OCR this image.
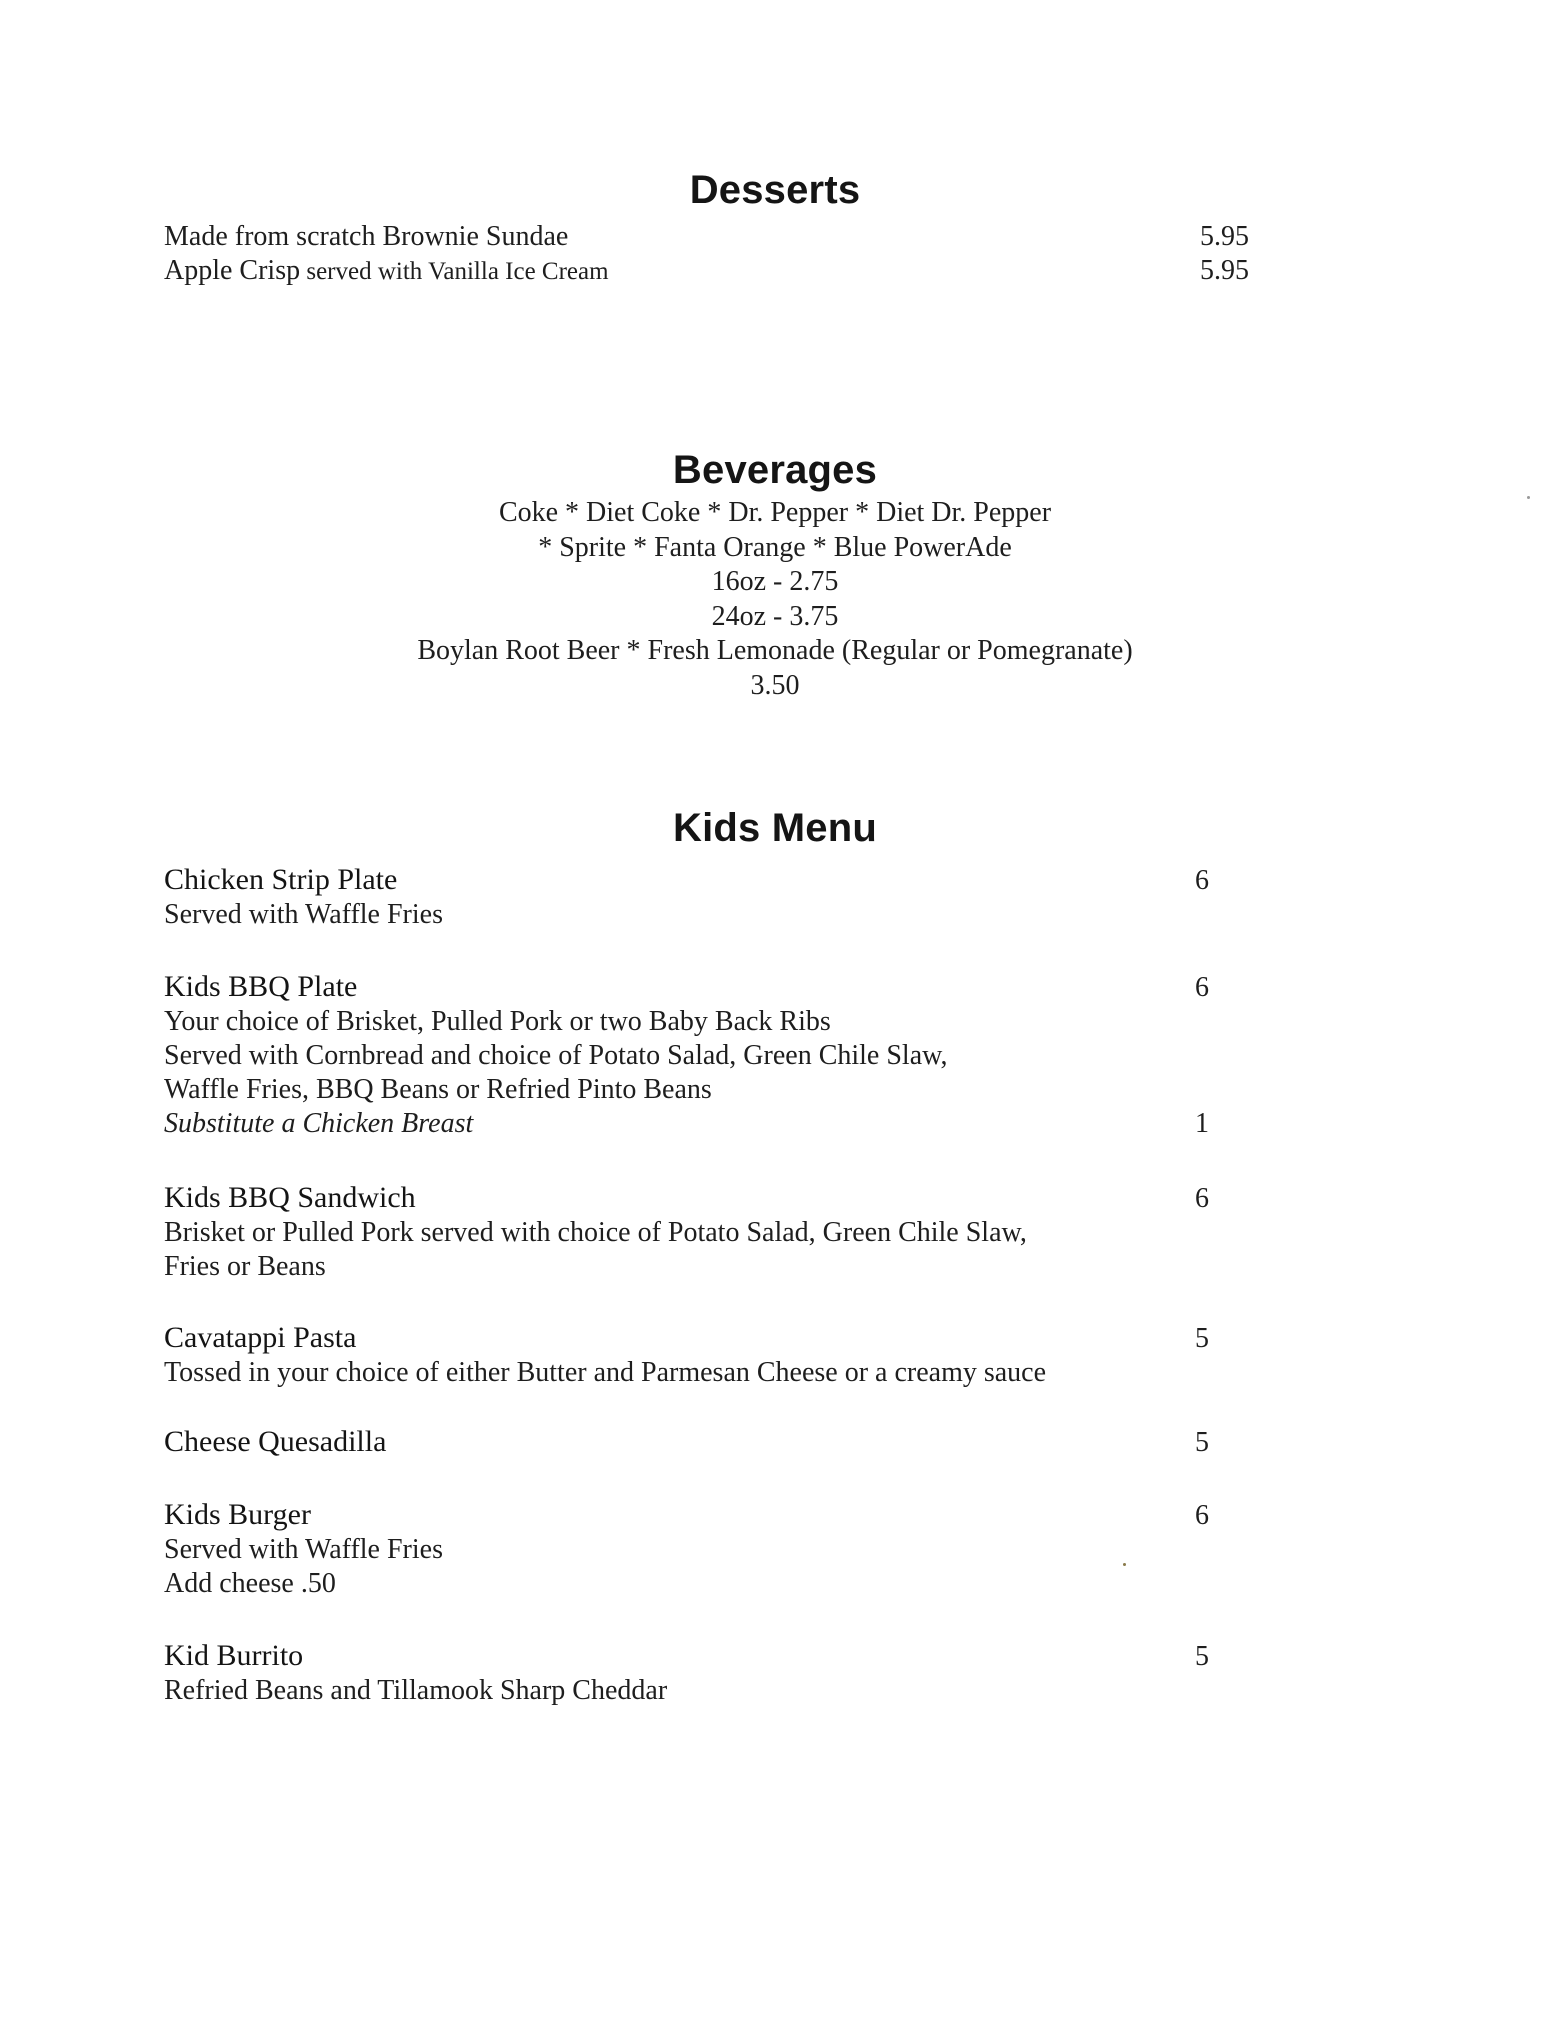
Desserts
Made from scratch Brownie Sundae	5.95
Apple Crisp served with Vanilla Ice Cream	5.95
Beverages
Coke * Diet Coke * Dr. Pepper * Diet Dr. Pepper
* Sprite * Fanta Orange * Blue PowerAde
16oz - 2.75
24oz - 3.75
Boylan Root Beer * Fresh Lemonade (Regular or Pomegranate)
3.50
Kids Menu
Chicken Strip Plate	6
Served with Waffle Fries
Kids BBQ Plate	6
Your choice of Brisket, Pulled Pork or two Baby Back Ribs
Served with Cornbread and choice of Potato Salad, Green Chile Slaw,
Waffle Fries, BBQ Beans or Refried Pinto Beans
Substitute a Chicken Breast	1
Kids BBQ Sandwich	6
Brisket or Pulled Pork served with choice of Potato Salad, Green Chile Slaw,
Fries or Beans
Cavatappi Pasta	5
Tossed in your choice of either Butter and Parmesan Cheese or a creamy sauce
Cheese Quesadilla	5
Kids Burger	6
Served with Waffle Fries
Add cheese .50
Kid Burrito	5
Refried Beans and Tillamook Sharp Cheddar
